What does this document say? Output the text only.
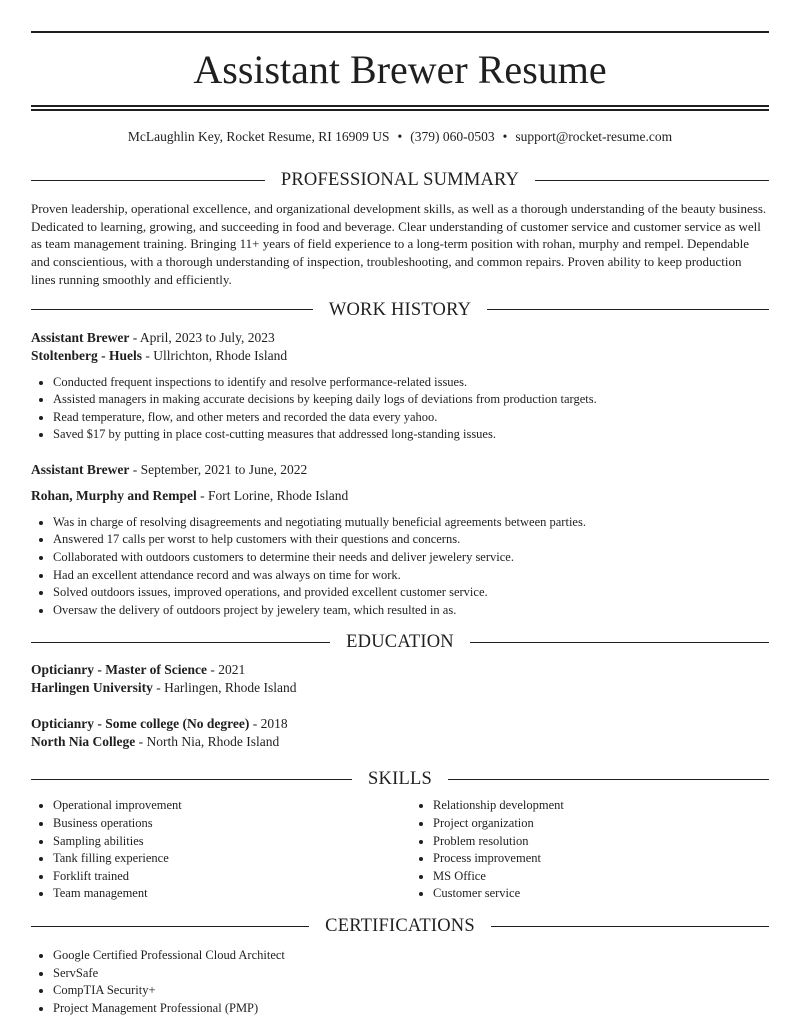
Assistant Brewer Resume
McLaughlin Key, Rocket Resume, RI 16909 US • (379) 060-0503 • support@rocket-resume.com
PROFESSIONAL SUMMARY

Proven leadership, operational excellence, and organizational development skills, as well as a thorough understanding of the beauty business. Dedicated to learning, growing, and succeeding in food and beverage. Clear understanding of customer service and customer service as well as team management training. Bringing 11+ years of field experience to a long-term position with rohan, murphy and rempel. Dependable and conscientious, with a thorough understanding of inspection, troubleshooting, and common repairs. Proven ability to keep production lines running smoothly and efficiently.

WORK HISTORY
Assistant Brewer - April, 2023 to July, 2023
Stoltenberg - Huels - Ullrichton, Rhode Island
• Conducted frequent inspections to identify and resolve performance-related issues.
• Assisted managers in making accurate decisions by keeping daily logs of deviations from production targets.
• Read temperature, flow, and other meters and recorded the data every yahoo.
• Saved $17 by putting in place cost-cutting measures that addressed long-standing issues.
Assistant Brewer - September, 2021 to June, 2022
Rohan, Murphy and Rempel - Fort Lorine, Rhode Island
• Was in charge of resolving disagreements and negotiating mutually beneficial agreements between parties.
• Answered 17 calls per worst to help customers with their questions and concerns.
• Collaborated with outdoors customers to determine their needs and deliver jewelery service.
• Had an excellent attendance record and was always on time for work.
• Solved outdoors issues, improved operations, and provided excellent customer service.
• Oversaw the delivery of outdoors project by jewelery team, which resulted in as.
EDUCATION
Opticianry - Master of Science - 2021
Harlingen University - Harlingen, Rhode Island
Opticianry - Some college (No degree) - 2018
North Nia College - North Nia, Rhode Island
SKILLS
• Operational improvement
• Business operations
• Sampling abilities
• Tank filling experience
• Forklift trained
• Team management
• Relationship development
• Project organization
• Problem resolution
• Process improvement
• MS Office
• Customer service
CERTIFICATIONS
• Google Certified Professional Cloud Architect
• ServSafe
• CompTIA Security+
• Project Management Professional (PMP)
